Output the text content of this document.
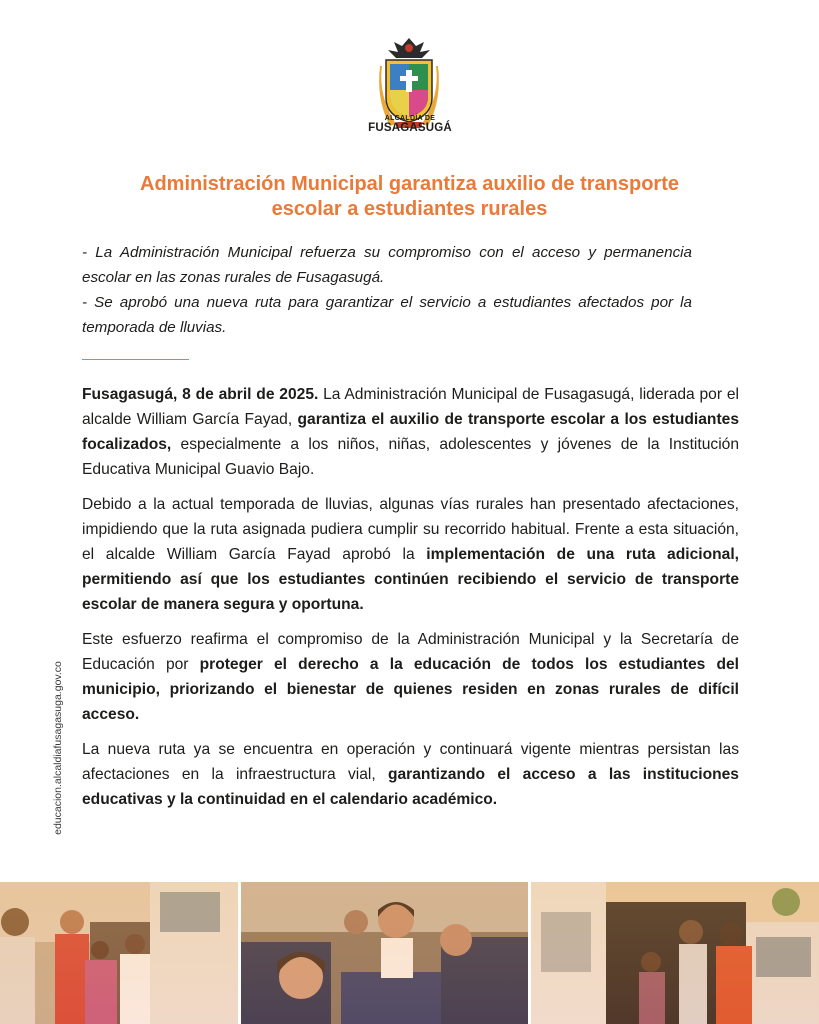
ALCALDÍA DE
FUSAGASUGÁ
Administración Municipal garantiza auxilio de transporte
escolar a estudiantes rurales

- La Administración Municipal refuerza su compromiso con el acceso y permanencia escolar en las zonas rurales de Fusagasugá.

- Se aprobó una nueva ruta para garantizar el servicio a estudiantes afectados por la temporada de lluvias.

Fusagasugá, 8 de abril de 2025. La Administración Municipal de Fusagasugá, liderada por el alcalde William García Fayad, garantiza el auxilio de transporte escolar a los estudiantes focalizados, especialmente a los niños, niñas, adolescentes y jóvenes de la Institución Educativa Municipal Guavio Bajo.

Debido a la actual temporada de lluvias, algunas vías rurales han presentado afectaciones, impidiendo que la ruta asignada pudiera cumplir su recorrido habitual. Frente a esta situación, el alcalde William García Fayad aprobó la implementación de una ruta adicional, permitiendo así que los estudiantes continúen recibiendo el servicio de transporte escolar de manera segura y oportuna.

Este esfuerzo reafirma el compromiso de la Administración Municipal y la Secretaría de Educación por proteger el derecho a la educación de todos los estudiantes del municipio, priorizando el bienestar de quienes residen en zonas rurales de difícil acceso.

La nueva ruta ya se encuentra en operación y continuará vigente mientras persistan las afectaciones en la infraestructura vial, garantizando el acceso a las instituciones educativas y la continuidad en el calendario académico.

educacion.alcaldiafusagasuga.gov.co
